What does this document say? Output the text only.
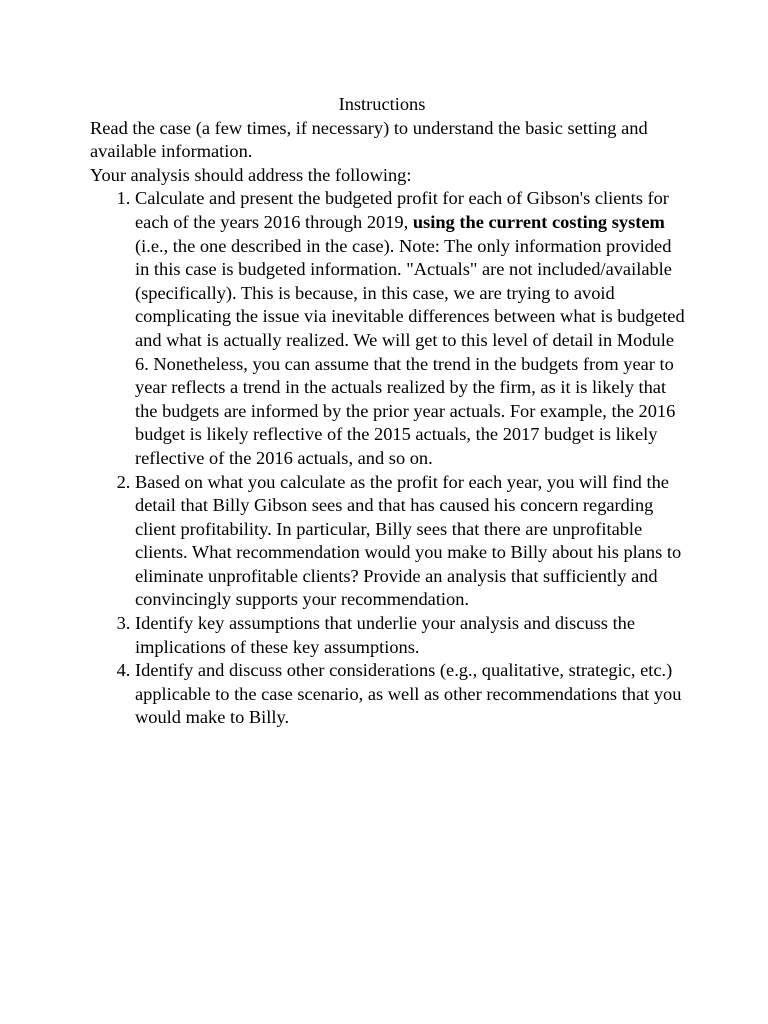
Instructions

Read the case (a few times, if necessary) to understand the basic setting and available information.

Your analysis should address the following:

1. Calculate and present the budgeted profit for each of Gibson's clients for each of the years 2016 through 2019, using the current costing system (i.e., the one described in the case). Note: The only information provided in this case is budgeted information. "Actuals" are not included/available (specifically). This is because, in this case, we are trying to avoid complicating the issue via inevitable differences between what is budgeted and what is actually realized. We will get to this level of detail in Module 6. Nonetheless, you can assume that the trend in the budgets from year to year reflects a trend in the actuals realized by the firm, as it is likely that the budgets are informed by the prior year actuals. For example, the 2016 budget is likely reflective of the 2015 actuals, the 2017 budget is likely reflective of the 2016 actuals, and so on.
2. Based on what you calculate as the profit for each year, you will find the detail that Billy Gibson sees and that has caused his concern regarding client profitability. In particular, Billy sees that there are unprofitable clients. What recommendation would you make to Billy about his plans to eliminate unprofitable clients? Provide an analysis that sufficiently and convincingly supports your recommendation.
3. Identify key assumptions that underlie your analysis and discuss the implications of these key assumptions.
4. Identify and discuss other considerations (e.g., qualitative, strategic, etc.) applicable to the case scenario, as well as other recommendations that you would make to Billy.
